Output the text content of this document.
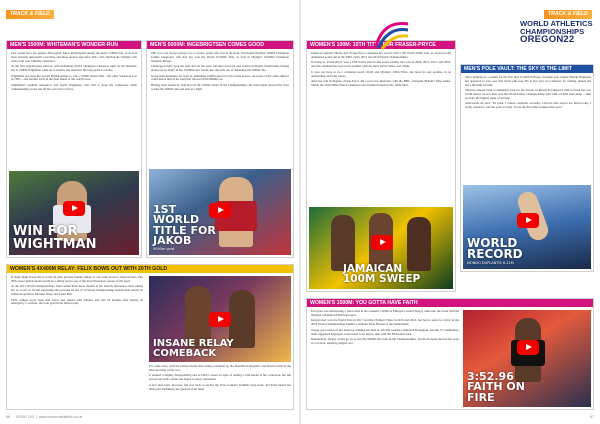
TRACK & FIELD
MEN'S 1500M: WHITEMAN'S WONDER-RUN

Few would have bet against Norwegian Jakob Ingebrigtsen taking the men's 1500m title, as he had been virtually unbeatable over three and three-quarter laps since 2021, and clinched the Olympic title with a win over Timothy Cheruiyot.

At the bell, Ingebrigtsen still led, with defending World Champion Cheruiyot right on his shoulder, but at 1300m Wightman came up to leaders and launched his long sprint for home.

Wightman was then the second British athlete to win a 1500m World Title – the other Sebastian Coe in 1983 – and another track in the final ahead of the world's best.

Wightman's stadium announcer dad Geoff Wightman, who had to keep his composure while commentating on the run off his own son's victory.

WIN FOR WIGHTMAN
MEN'S 5000M: INGEBRIGTSEN COMES GOOD

This race was always going to be a cracker, given who was in the field. It included Olympic 5000m Champion Joshua Cheptegei, who had just won the World 10,000m Title, as well as Olympic 10,000m Champion Selemon Barega.

Cheptegei briefly took the lead and set the pace, but then fell back and would eventually finish ninth, having picked up an injury in the 10,000m that would also rule him out of defending his 5000m title.

In the final kilometre, he went by defending 1500m speed to turn on the screws, and none of the other athletes could match him as he went into the lead from 4000m out.

Having been beaten by Josh Kerr in the 1500m earlier in the Championships, the Norwegian showed his class to take the 5000m title and end on a high.

1ST WORLD TITLE FOR JAKOB
5000m gold
WOMEN'S 4X400M RELAY: FELIX BOWS OUT WITH 20TH GOLD

If many think Fraser-Pryce is the all-time greatest female athlete, it can come down to Allyson Felix. Her 20th career global medal would be a fitting end to one of the most illustrious careers in the sport.

At the 2011 World Championships, Felix added three more medals to her already impressive haul, taking her to a total of 18 and surpassing the previous record of 14 World Championship medals held jointly by Jamaican sprinters Merlene Ottey and Usain Bolt.

Felix walked away from that travel and signed with Athleta, and just 10 months after having an emergency C-section, she took gold in the mixed relay.

INSANE RELAY COMEBACK

US came away with the bronze medal after being overtaken by the Dominican Republic and Dutch teams in the final stretches of the race.

It seemed a slightly disappointing end to Felix's career, in spite of adding a 19th medal to her collection, but she bowed out with a smile and began to enjoy retirement.

A few days later, however, she was back to anchor the USA women's 4x400m relay team, and Felix turned her 20th gold. Definitely the greatest of all time!

66 ISSUE 152  |  www.modernathletics.co.uk
TRACK & FIELD
WOMEN'S 100M: 10TH TITLE FOR FRASER-PRYCE

Jamaican sprinter Shelly-Ann Fraser-Pryce extended her record with a 5th World 100m title, as expected and dominated as she did in the 2009, 2013, 2015 and 2019 World Championships.

In doing so, Fraser-Pryce won a fifth World Title in this event, having also won in 2009, 2013, 2015, and 2019, and this extended her lead as the sprinter with the most World Titles over 100m.

It does not have to be a contested seven World and Olympic 100m Titles, the most for any sprinter, in an outstanding and long career.

After her win in Eugene, Fraser-Pryce did a post-race interview with the BBC, alongside Britain's Dina Asher-Smith, the 2019 200m World Champion who finished fourth in the 100m final.

JAMAICAN 100M SWEEP
WORLD ATHLETICS
CHAMPIONSHIPS
OREGON22
MEN'S POLE VAULT: THE SKY IS THE LIMIT

Since jumping as a toddler for the first time in 2004 in Baton, Swedish pole vaulter Mondo Duplantis has appeared to soar over that mark with ease. He is now just two centuries for ruining, indeed the sky's the limit for him.

That has already been a remarkable year for the Swede, in March he jumped 6.19m to break his own world indoor record, then won the World Indoor Championship gold with a 6.20m final jump – until recently the highest jump of all time.

Afterwards, he said: "It's great. I cannot complain. Actually, I did not dare expect too much today. I really wanted to win the gold so badly. It was the first time I jumped this year."

WORLD RECORD
MONDO DUPLANTIS 6.21M
WOMEN'S 1500M: YOU GOTTA HAVE FAITH

Everyone was anticipating a fierce duel in the women's 1500m as Ethiopia's Gudaf Tsegay came into the event with the Olympic Champion Faith Kipyegon.

Kenyan had won the World Title in 2017 and the Olympic Titles in 2016 and 2021, but had to settle for silver in the 2019 World Championships behind a rampant Sifan Hassan of the Netherlands.

Tsegay gave notice of her intent by winning her heat in 4:02.68, looking composed throughout, and the 75 commentary team suggested Kipyegon would need to be able to deal with the Ethiopian's kick.

Remarkably, Tsegay would go on to win the 5000m title later in the Championships, but the Kenyan showed her class in a tactical, superbly-judged race.

3:52.96 FAITH ON FIRE
67
